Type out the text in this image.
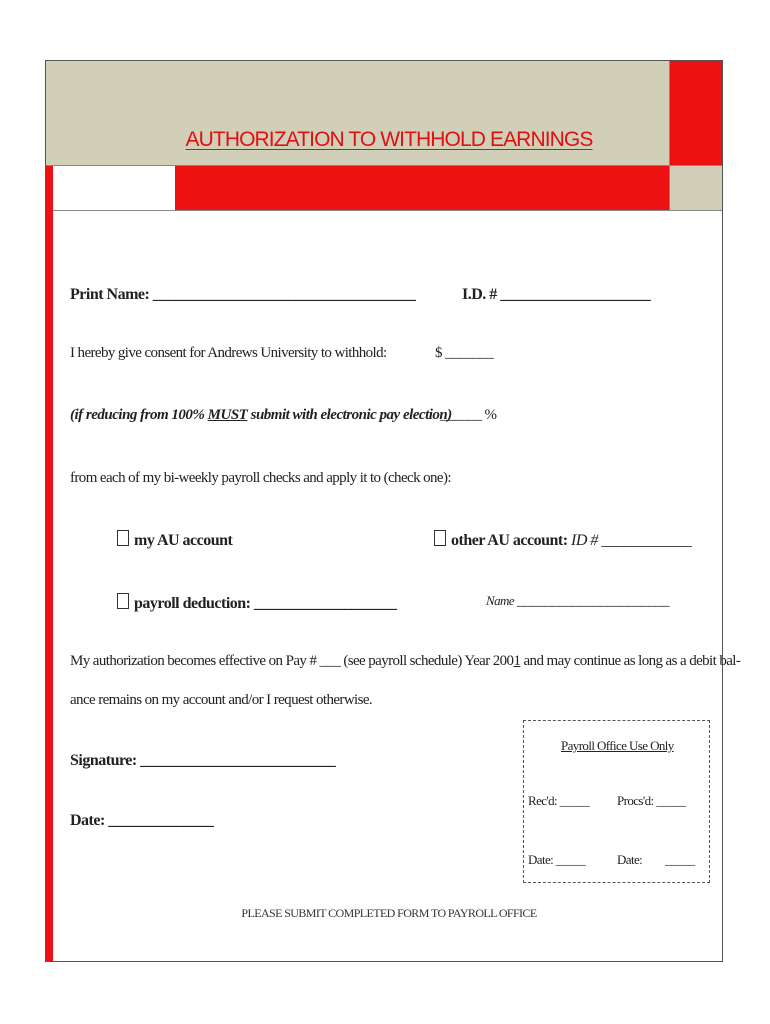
AUTHORIZATION TO WITHHOLD EARNINGS
Print Name: ___________________________________	I.D. # ____________________
I hereby give consent for Andrews University to withhold:	$ _______
(if reducing from 100% MUST submit with electronic pay election)
______ %
from each of my bi-weekly payroll checks and apply it to (check one):
my AU account	other AU account: ID # ____________
payroll deduction: ___________________	Name ______________________
My authorization becomes effective on Pay # ___ (see payroll schedule) Year 2001 and may continue as long as a debit bal-
ance remains on my account and/or I request otherwise.
Signature: __________________________
Date: ______________
Payroll Office Use Only
Rec'd: _____ Procs'd: _____
Date: _____ Date: _____
PLEASE SUBMIT COMPLETED FORM TO PAYROLL OFFICE
